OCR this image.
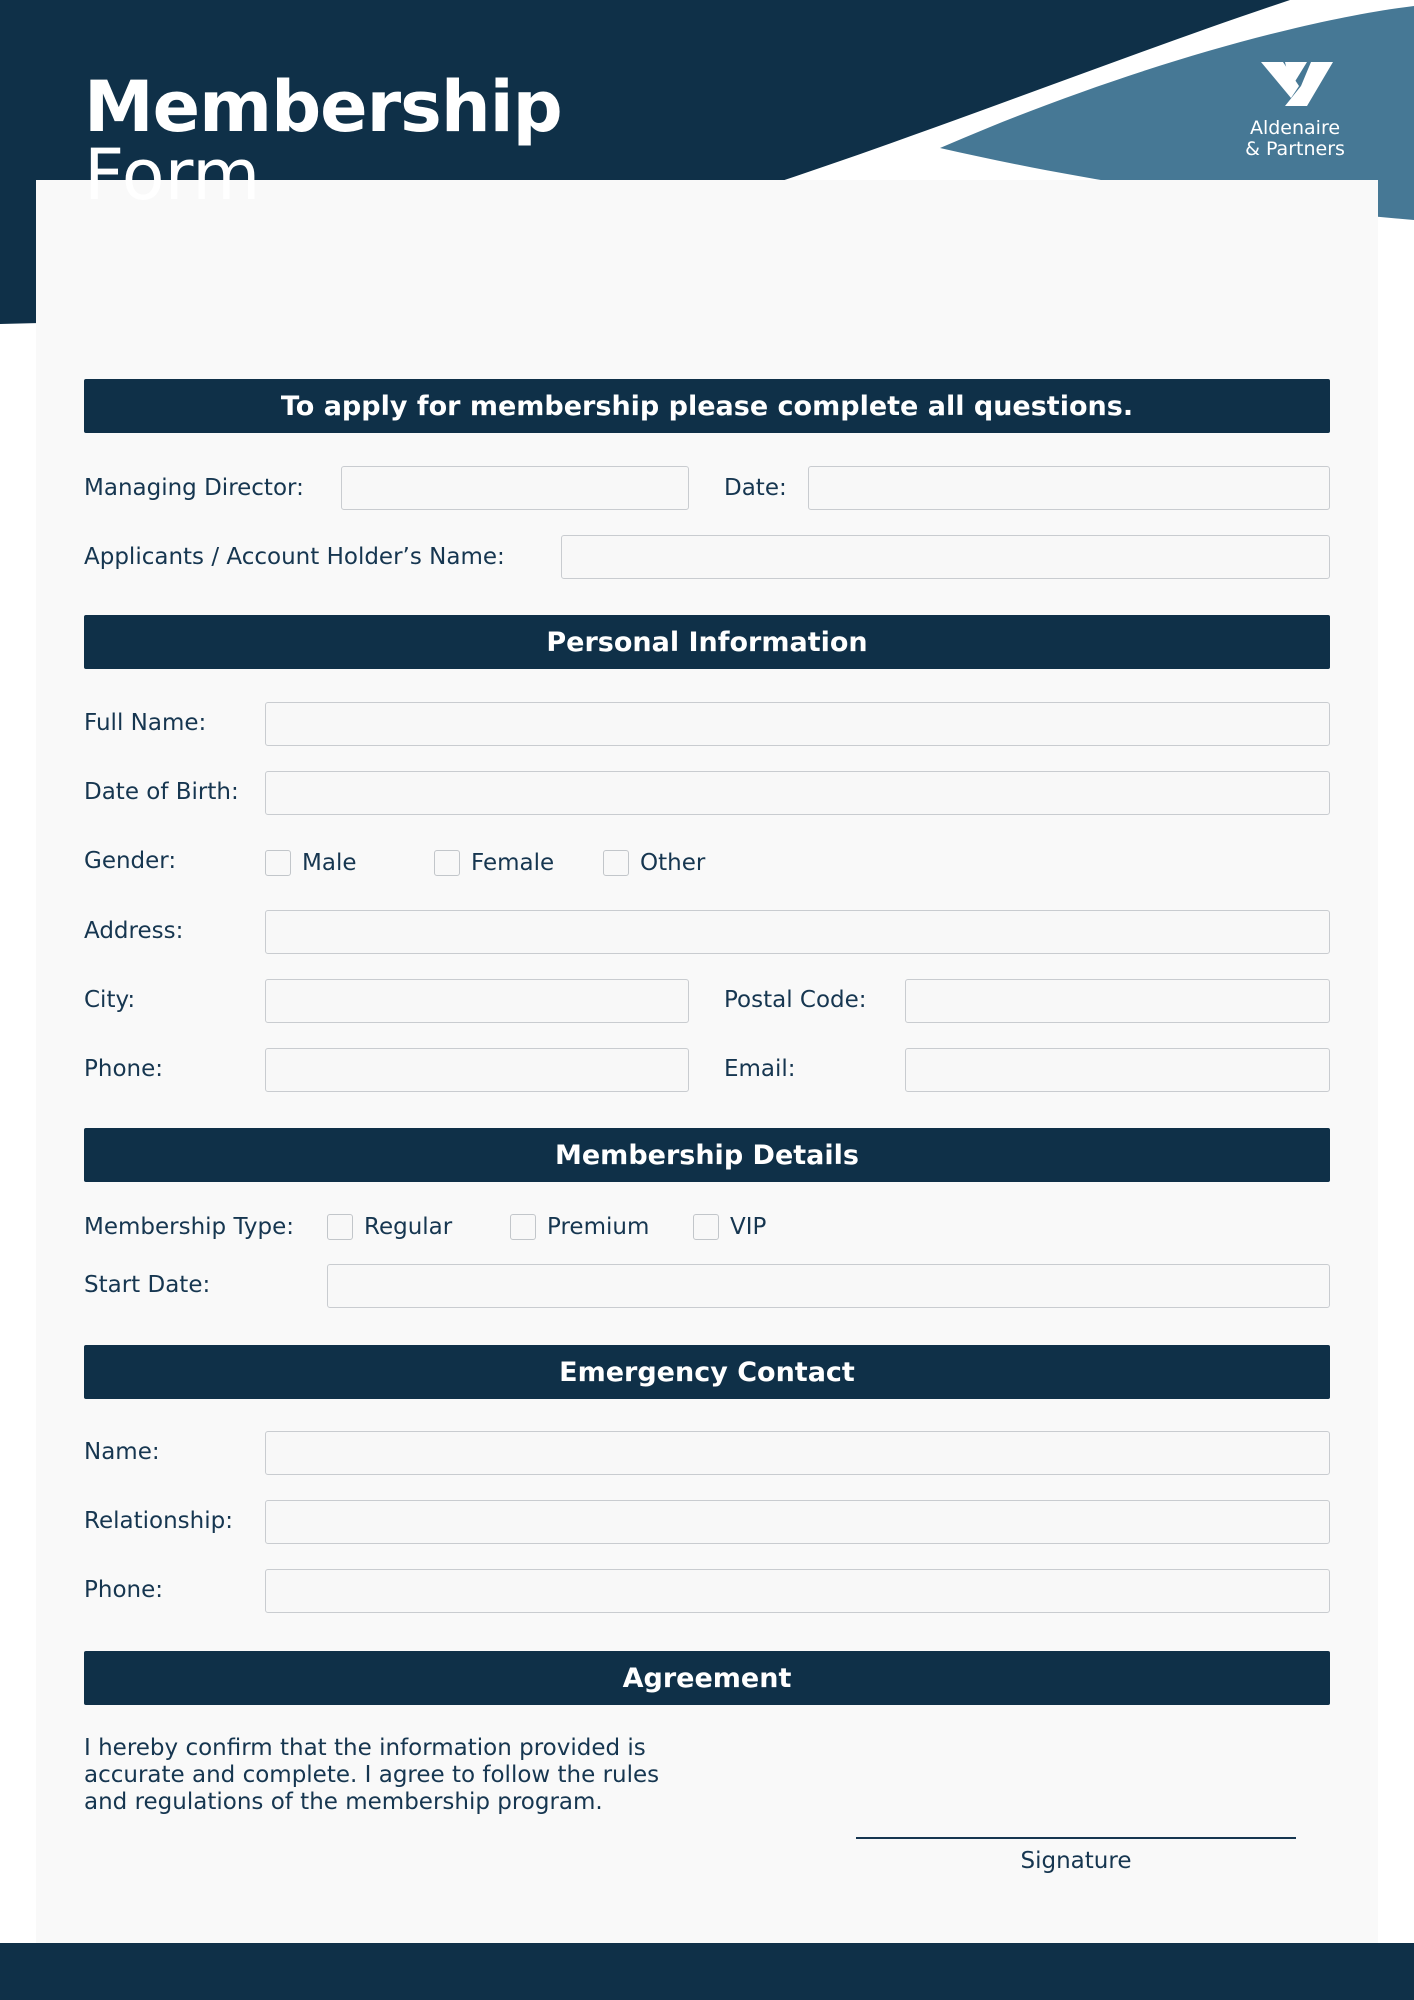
Membership
Form
Aldenaire
& Partners
To apply for membership please complete all questions.
Managing Director:	Date:
Applicants / Account Holder’s Name:
Personal Information
Full Name:
Date of Birth:
Gender:	Male	Female	Other
Address:
City:	Postal Code:
Phone:	Email:
Membership Details
Membership Type:	Regular	Premium	VIP
Start Date:
Emergency Contact
Name:
Relationship:
Phone:
Agreement

I hereby confirm that the information provided is accurate and complete. I agree to follow the rules and regulations of the membership program.

Signature
